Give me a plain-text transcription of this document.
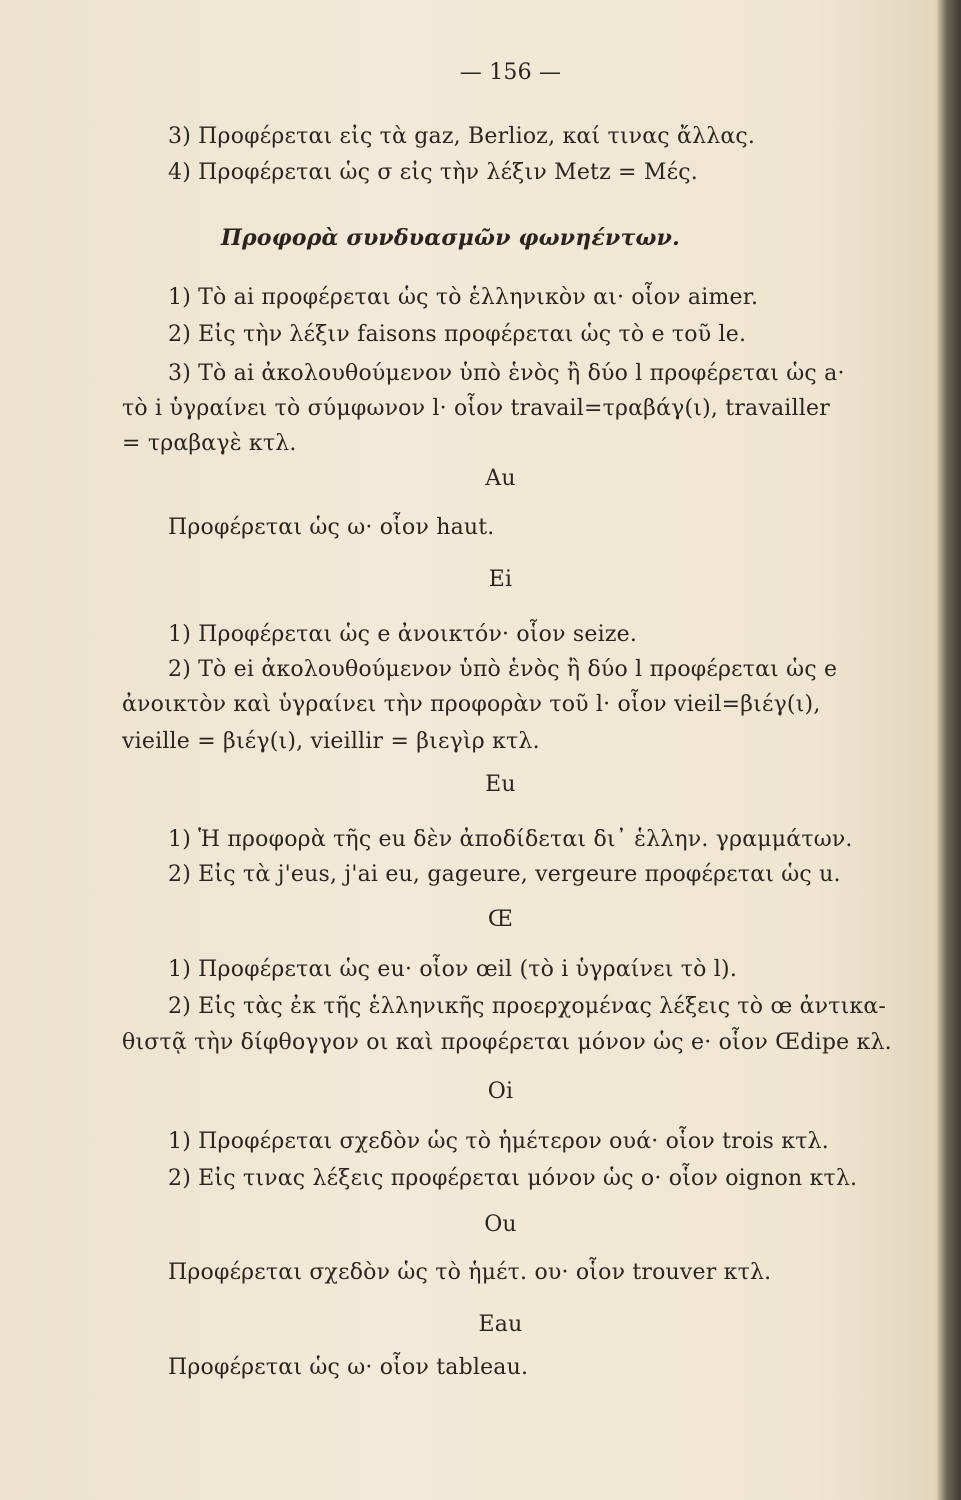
— 156 —
3) Προφέρεται εἰς τὰ gaz, Berlioz, καί τινας ἄλλας.
4) Προφέρεται ὡς σ εἰς τὴν λέξιν Metz = Μές.
Προφορὰ συνδυασμῶν φωνηέντων.
1) Τὸ ai προφέρεται ὡς τὸ ἑλληνικὸν αι· οἷον aimer.
2) Εἰς τὴν λέξιν faisons προφέρεται ὡς τὸ e τοῦ le.
3) Τὸ ai ἀκολουθούμενον ὑπὸ ἑνὸς ἢ δύο l προφέρεται ὡς a·
τὸ i ὑγραίνει τὸ σύμφωνον l· οἷον travail=τραβάγ(ι), travailler
= τραβαγὲ κτλ.
Au
Προφέρεται ὡς ω· οἷον haut.
Ei
1) Προφέρεται ὡς e ἀνοικτόν· οἷον seize.
2) Τὸ ei ἀκολουθούμενον ὑπὸ ἑνὸς ἢ δύο l προφέρεται ὡς e
ἀνοικτὸν καὶ ὑγραίνει τὴν προφορὰν τοῦ l· οἷον vieil=βιέγ(ι),
vieille = βιέγ(ι), vieillir = βιεγὶρ κτλ.
Eu
1) Ἡ προφορὰ τῆς eu δὲν ἀποδίδεται δι᾽ ἑλλην. γραμμάτων.
2) Εἰς τὰ j'eus, j'ai eu, gageure, vergeure προφέρεται ὡς u.
Œ
1) Προφέρεται ὡς eu· οἷον œil (τὸ i ὑγραίνει τὸ l).
2) Εἰς τὰς ἐκ τῆς ἑλληνικῆς προερχομένας λέξεις τὸ œ ἀντικα-
θιστᾷ τὴν δίφθογγον οι καὶ προφέρεται μόνον ὡς e· οἷον Œdipe κλ.
Oi
1) Προφέρεται σχεδὸν ὡς τὸ ἡμέτερον ουά· οἷον trois κτλ.
2) Εἰς τινας λέξεις προφέρεται μόνον ὡς o· οἷον oignon κτλ.
Ou
Προφέρεται σχεδὸν ὡς τὸ ἡμέτ. ου· οἷον trouver κτλ.
Eau
Προφέρεται ὡς ω· οἷον tableau.
